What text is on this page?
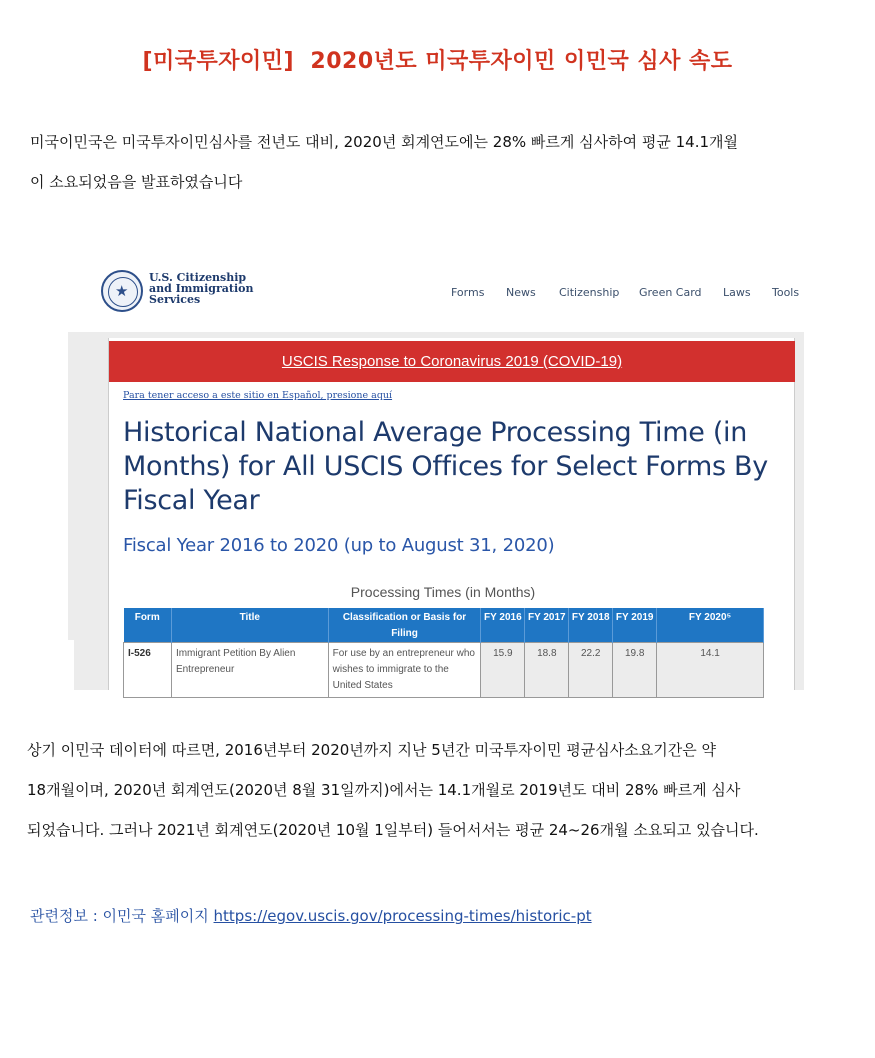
[미국투자이민]  2020년도 미국투자이민 이민국 심사 속도
미국이민국은 미국투자이민심사를 전년도 대비, 2020년 회계연도에는 28% 빠르게 심사하여 평균 14.1개월
이 소요되었음을 발표하였습니다
★
U.S. Citizenship
and Immigration
Services
Forms News Citizenship Green Card Laws Tools
USCIS Response to Coronavirus 2019 (COVID-19)
Para tener acceso a este sitio en Español, presione aquí
Historical National Average Processing Time (in Months) for All USCIS Offices for Select Forms By Fiscal Year
Fiscal Year 2016 to 2020 (up to August 31, 2020)
Processing Times (in Months)
Form	Title	Classification or Basis for Filing	FY 2016	FY 2017	FY 2018	FY 2019	FY 2020⁵
I-526	Immigrant Petition By Alien Entrepreneur	For use by an entrepreneur who wishes to immigrate to the United States	15.9	18.8	22.2	19.8	14.1
상기 이민국 데이터에 따르면, 2016년부터 2020년까지 지난 5년간 미국투자이민 평균심사소요기간은 약
18개월이며, 2020년 회계연도(2020년 8월 31일까지)에서는 14.1개월로 2019년도 대비 28% 빠르게 심사
되었습니다. 그러나 2021년 회계연도(2020년 10월 1일부터) 들어서서는 평균 24~26개월 소요되고 있습니다.
관련정보 : 이민국 홈페이지 https://egov.uscis.gov/processing-times/historic-pt
